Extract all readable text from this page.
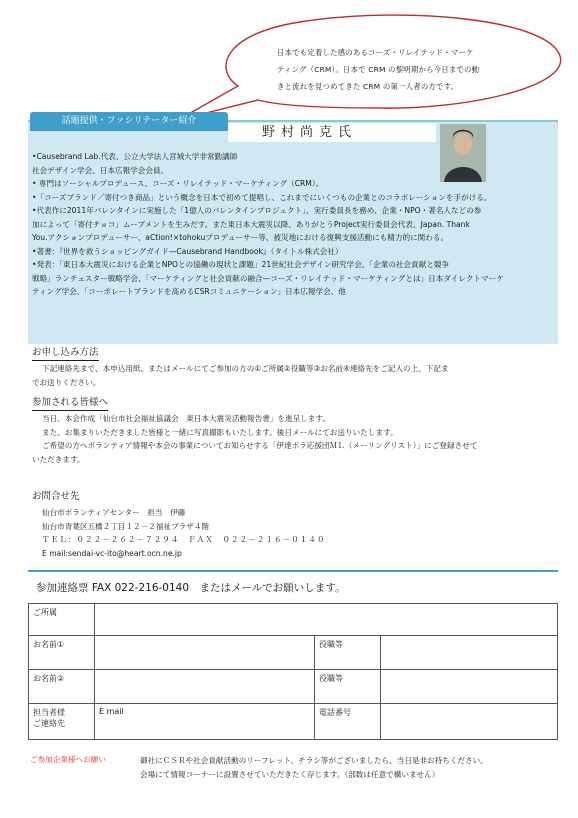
日本でも定着した感のあるコーズ・リレイテッド・マーケ
ティング（CRM）。日本で CRM の黎明期から今日までの動
きと流れを見つめてきた CRM の第一人者の方です。
話題提供・ファシリテーター紹介
野村尚克氏

•Causebrand Lab.代表、公立大学法人宮城大学非常勤講師

社会デザイン学会、日本広報学会会員。

• 専門はソーシャルプロデュース、コーズ・リレイテッド・マーケティング（CRM）。

•「コーズブランド／寄付つき商品」という概念を日本で初めて提唱し、これまでにいくつもの企業とのコラボレーションを手がける。

•代表作に2011年バレンタインに実施した「1億人のバレンタインプロジェクト」、実行委員長を務め、企業・NPO・著名人などの参

加によって「寄付チョコ」ムーブメントを生みだす。また東日本大震災以降、ありがとうProject実行委員会代表、Japan. Thank

You.アクションプロデューサー、aCtion!×tohokuプロデューサー等、被災地における復興支援活動にも精力的に関わる。

•著書：『世界を救うショッピングガイド—Causebrand Handbook』（タイトル株式会社）

•発表：「東日本大震災における企業とNPOとの協働の現状と課題」21世紀社会デザイン研究学会、「企業の社会貢献と競争

戦略」ランチェスター戦略学会、「マーケティングと社会貢献の融合—コーズ・リレイテッド・マーケティングとは」日本ダイレクトマーケ

ティング学会、「コーポレートブランドを高めるCSRコミュニケーション」日本広報学会、他

お申し込み方法

下記連絡先まで、本申込用紙、またはメールにてご参加の方の①ご所属②役職等③お名前④連絡先をご記入の上、下記ま

でお送りください。

参加される皆様へ

当日、本会作成「仙台市社会福祉協議会　東日本大震災活動報告書」を進呈します。

また、お集まりいただきました皆様と一緒に写真撮影もいたします。後日メールにてお送りいたします。

ご希望の方へボランティア情報や本会の事業についてお知らせする「伊達ボラ応援団ＭＬ（メーリングリスト）」にご登録させて

いただきます。

お問合せ先

仙台市ボランティアセンター　担当　伊藤

仙台市青葉区五橋２丁目１２－２福祉プラザ４階

ＴＥＬ：０２２－２６２－７２９４　ＦＡＸ　０２２－２１６－０１４０

E mail:sendai-vc-ito@heart.ocn.ne.jp

参加連絡票 FAX 022-216-0140　またはメールでお願いします。
ご所属			
お名前①		役職等	
お名前②		役職等	

担当者様
ご連絡先	E mail	電話番号	
ご参加企業様へお願い	御社にＣＳＲや社会貢献活動のリーフレット、チラシ等がございましたら、当日是非お持ちください。

会場にて情報コーナーに設置させていただきたく存じます。（部数は任意で構いません）
